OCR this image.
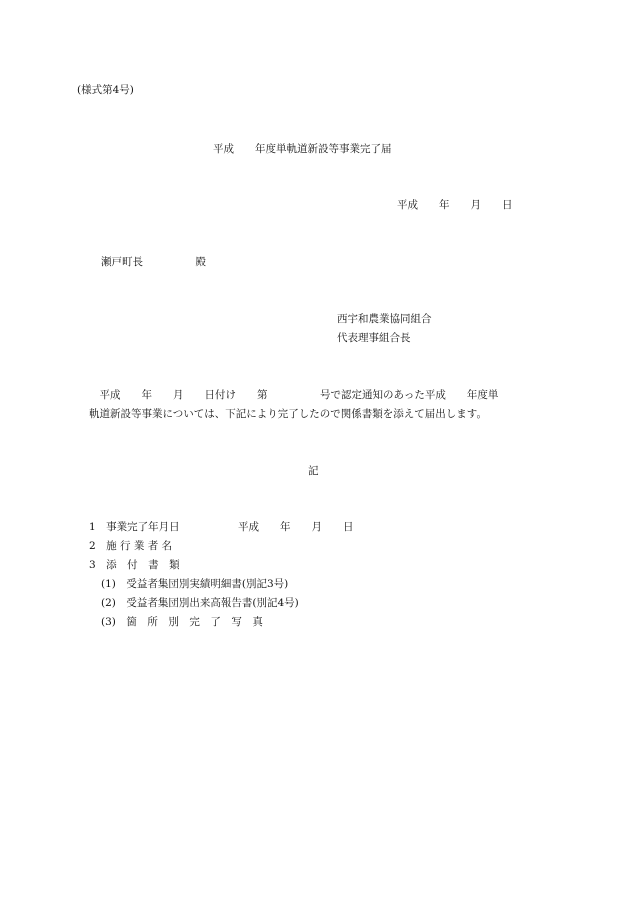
(様式第4号)
平成　　年度単軌道新設等事業完了届
平成　　年　　月　　日
瀬戸町長　　　　　殿
西宇和農業協同組合
代表理事組合長
　平成　　年　　月　　日付け　　第　　　　　号で認定通知のあった平成　　年度単
軌道新設等事業については、下記により完了したので関係書類を添えて届出します。
記
1　事業完了年月日	平成　　年　　月　　日
2　施 行 業 者 名
3　添　付　書　類
(1)　受益者集団別実績明細書(別記3号)
(2)　受益者集団別出来高報告書(別記4号)
(3)　箇　所　別　完　了　写　真
